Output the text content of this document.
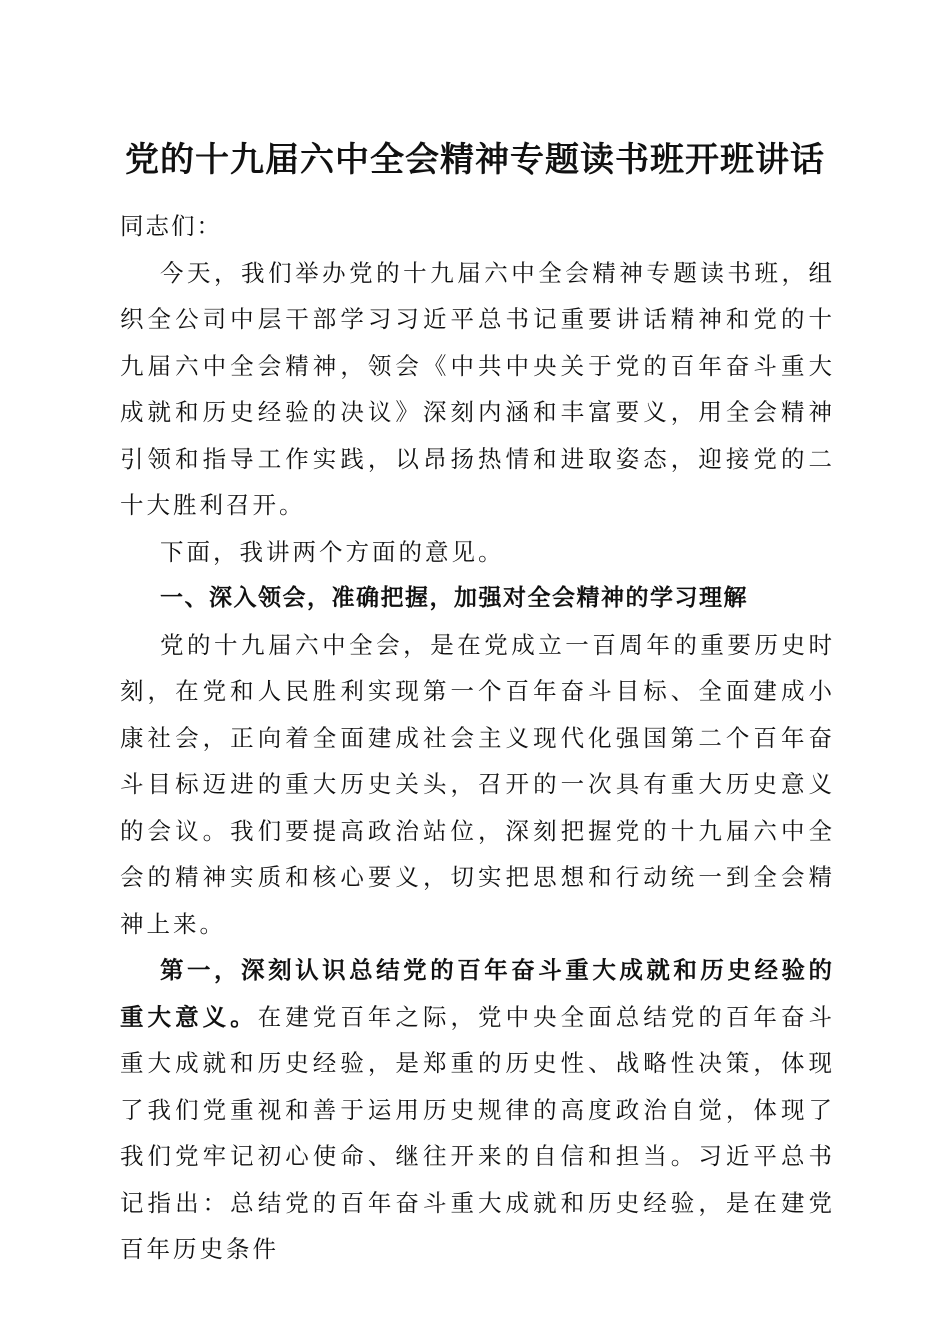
党的十九届六中全会精神专题读书班开班讲话

同志们：

今天，我们举办党的十九届六中全会精神专题读书班，组织全公司中层干部学习习近平总书记重要讲话精神和党的十九届六中全会精神，领会《中共中央关于党的百年奋斗重大成就和历史经验的决议》深刻内涵和丰富要义，用全会精神引领和指导工作实践，以昂扬热情和进取姿态，迎接党的二十大胜利召开。

下面，我讲两个方面的意见。

一、深入领会，准确把握，加强对全会精神的学习理解

党的十九届六中全会，是在党成立一百周年的重要历史时刻，在党和人民胜利实现第一个百年奋斗目标、全面建成小康社会，正向着全面建成社会主义现代化强国第二个百年奋斗目标迈进的重大历史关头，召开的一次具有重大历史意义的会议。我们要提高政治站位，深刻把握党的十九届六中全会的精神实质和核心要义，切实把思想和行动统一到全会精神上来。

第一，深刻认识总结党的百年奋斗重大成就和历史经验的重大意义。在建党百年之际，党中央全面总结党的百年奋斗重大成就和历史经验，是郑重的历史性、战略性决策，体现了我们党重视和善于运用历史规律的高度政治自觉，体现了我们党牢记初心使命、继往开来的自信和担当。习近平总书记指出：总结党的百年奋斗重大成就和历史经验，是在建党百年历史条件
